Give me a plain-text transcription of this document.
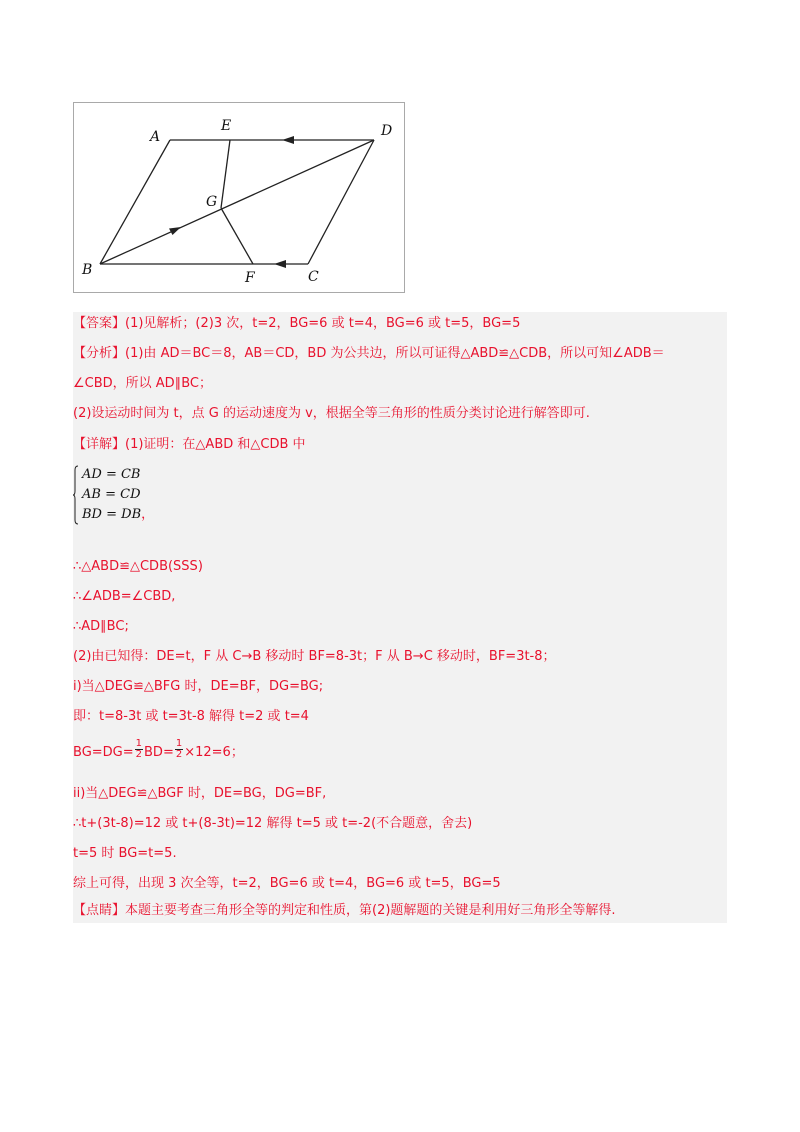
A
E	D
G
B	F	C
【答案】(1)见解析；(2)3 次，t=2，BG=6 或 t=4，BG=6 或 t=5，BG=5
【分析】(1)由 AD＝BC＝8，AB＝CD，BD 为公共边，所以可证得△ABD≌△CDB，所以可知∠ADB＝
∠CBD，所以 AD∥BC；
(2)设运动时间为 t，点 G 的运动速度为 v，根据全等三角形的性质分类讨论进行解答即可.
【详解】(1)证明：在△ABD 和△CDB 中
AD = CB
AB = CD
BD = DB，
∴△ABD≌△CDB(SSS)
∴∠ADB=∠CBD,
∴AD∥BC;
(2)由已知得：DE=t，F 从 C→B 移动时 BF=8-3t；F 从 B→C 移动时，BF=3t-8；
i)当△DEG≌△BFG 时，DE=BF，DG=BG;
即：t=8-3t 或 t=3t-8 解得 t=2 或 t=4
$BG=DG= \frac{1}{2} BD= \frac{1}{2} \times 12=6$；
ii)当△DEG≌△BGF 时，DE=BG，DG=BF,
∴t+(3t-8)=12 或 t+(8-3t)=12 解得 t=5 或 t=-2(不合题意，舍去)
t=5 时 BG=t=5.
综上可得，出现 3 次全等，t=2，BG=6 或 t=4，BG=6 或 t=5，BG=5
【点睛】本题主要考查三角形全等的判定和性质，第(2)题解题的关键是利用好三角形全等解得.
